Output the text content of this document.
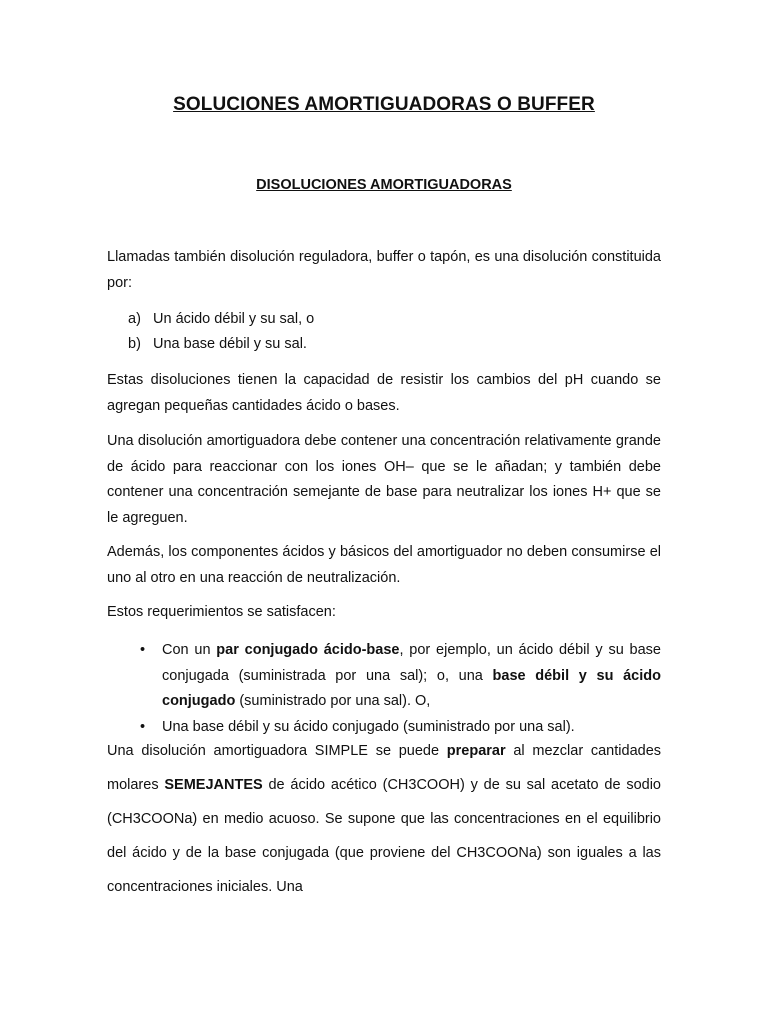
SOLUCIONES AMORTIGUADORAS O BUFFER
DISOLUCIONES AMORTIGUADORAS

Llamadas también disolución reguladora, buffer o tapón, es una disolución constituida por:

a) Un ácido débil y su sal, o
b) Una base débil y su sal.

Estas disoluciones tienen la capacidad de resistir los cambios del pH cuando se agregan pequeñas cantidades ácido o bases.

Una disolución amortiguadora debe contener una concentración relativamente grande de ácido para reaccionar con los iones OH– que se le añadan; y también debe contener una concentración semejante de base para neutralizar los iones H+ que se le agreguen.

Además, los componentes ácidos y básicos del amortiguador no deben consumirse el uno al otro en una reacción de neutralización.

Estos requerimientos se satisfacen:

• Con un par conjugado ácido-base, por ejemplo, un ácido débil y su base conjugada (suministrada por una sal); o, una base débil y su ácido conjugado (suministrado por una sal). O,
• Una base débil y su ácido conjugado (suministrado por una sal).

Una disolución amortiguadora SIMPLE se puede preparar al mezclar cantidades molares SEMEJANTES de ácido acético (CH3COOH) y de su sal acetato de sodio (CH3COONa) en medio acuoso. Se supone que las concentraciones en el equilibrio del ácido y de la base conjugada (que proviene del CH3COONa) son iguales a las concentraciones iniciales. Una
